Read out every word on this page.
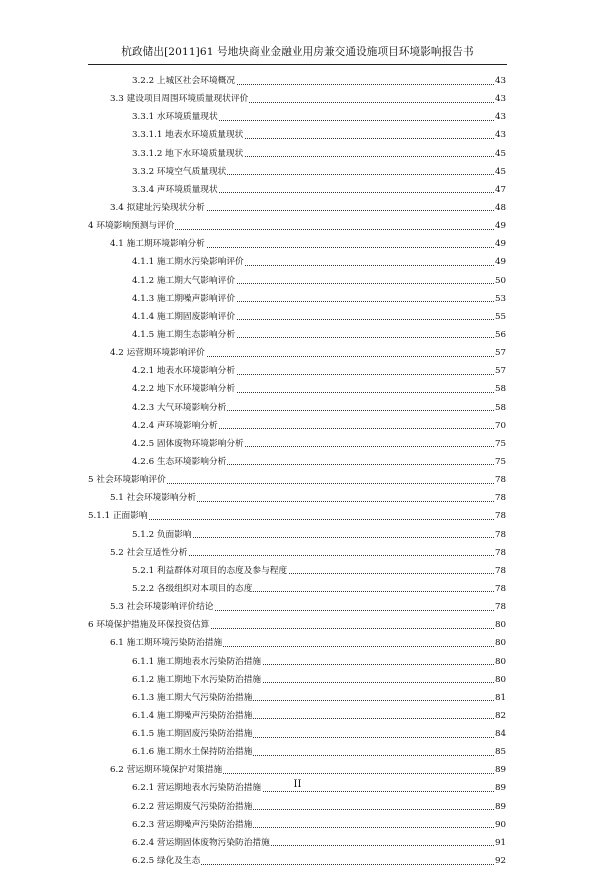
杭政储出[2011]61 号地块商业金融业用房兼交通设施项目环境影响报告书
3.2.2 上城区社会环境概况	43
3.3 建设项目周围环境质量现状评价	43
3.3.1 水环境质量现状	43
3.3.1.1 地表水环境质量现状	43
3.3.1.2 地下水环境质量现状	45
3.3.2 环境空气质量现状	45
3.3.4 声环境质量现状	47
3.4 拟建址污染现状分析	48
4 环境影响预测与评价	49
4.1 施工期环境影响分析	49
4.1.1 施工期水污染影响评价	49
4.1.2 施工期大气影响评价	50
4.1.3 施工期噪声影响评价	53
4.1.4 施工期固废影响评价	55
4.1.5 施工期生态影响分析	56
4.2 运营期环境影响评价	57
4.2.1 地表水环境影响分析	57
4.2.2 地下水环境影响分析	58
4.2.3 大气环境影响分析	58
4.2.4 声环境影响分析	70
4.2.5 固体废物环境影响分析	75
4.2.6 生态环境影响分析	75
5 社会环境影响评价	78
5.1 社会环境影响分析	78
5.1.1 正面影响	78
5.1.2 负面影响	78
5.2 社会互适性分析	78
5.2.1 利益群体对项目的态度及参与程度	78
5.2.2 各级组织对本项目的态度	78
5.3 社会环境影响评价结论	78
6 环境保护措施及环保投资估算	80
6.1 施工期环境污染防治措施	80
6.1.1 施工期地表水污染防治措施	80
6.1.2 施工期地下水污染防治措施	80
6.1.3 施工期大气污染防治措施	81
6.1.4 施工期噪声污染防治措施	82
6.1.5 施工期固废污染防治措施	84
6.1.6 施工期水土保持防治措施	85
6.2 营运期环境保护对策措施	89
6.2.1 营运期地表水污染防治措施	89
6.2.2 营运期废气污染防治措施	89
6.2.3 营运期噪声污染防治措施	90
6.2.4 营运期固体废物污染防治措施	91
6.2.5 绿化及生态	92
II
